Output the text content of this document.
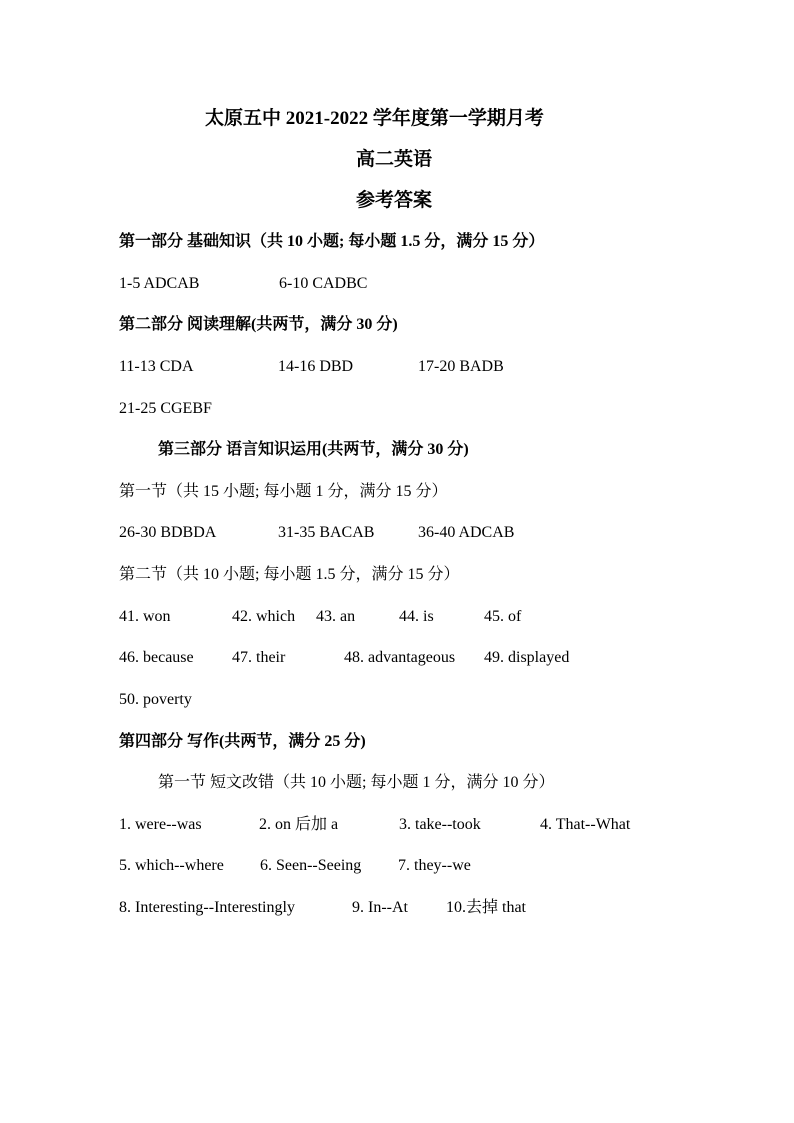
太原五中 2021-2022 学年度第一学期月考
高二英语
参考答案
第一部分 基础知识（共 10 小题; 每小题 1.5 分，满分 15 分）
1-5 ADCAB	6-10 CADBC
第二部分 阅读理解(共两节，满分 30 分)
11-13 CDA	14-16 DBD	17-20 BADB
21-25 CGEBF
第三部分 语言知识运用(共两节，满分 30 分)
第一节（共 15 小题; 每小题 1 分，满分 15 分）
26-30 BDBDA	31-35 BACAB	36-40 ADCAB
第二节（共 10 小题; 每小题 1.5 分，满分 15 分）
41. won	42. which 43. an	44. is	45. of
46. because 47. their	48. advantageous 49. displayed
50. poverty
第四部分 写作(共两节，满分 25 分)
第一节 短文改错（共 10 小题; 每小题 1 分，满分 10 分）
1. were--was	2. on 后加 a	3. take--took	4. That--What
5. which--where 6. Seen--Seeing 7. they--we
8. Interesting--Interestingly	9. In--At 10.去掉 that
